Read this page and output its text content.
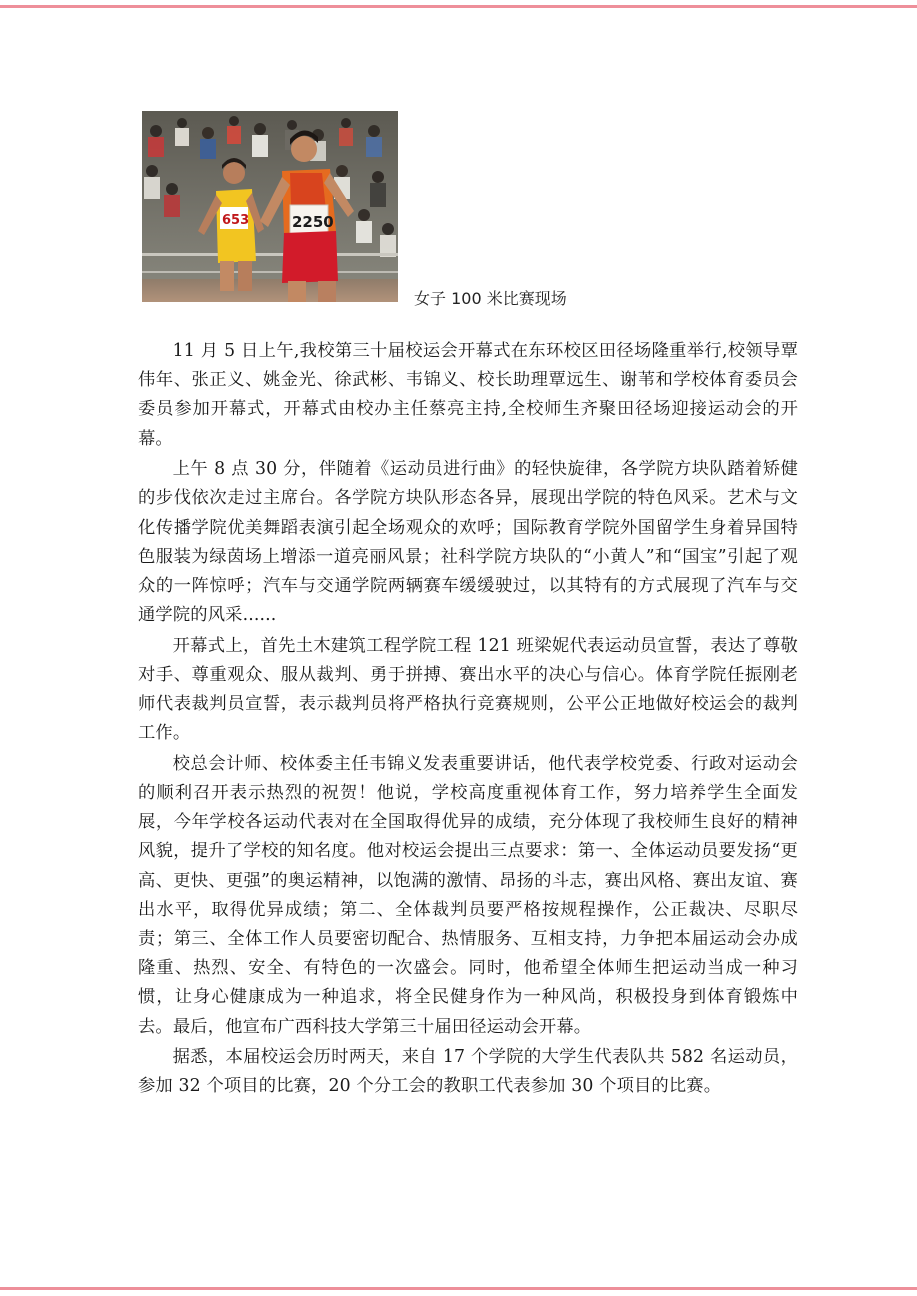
653	2250
女子 100 米比赛现场

11 月 5 日上午,我校第三十届校运会开幕式在东环校区田径场隆重举行,校领导覃伟年、张正义、姚金光、徐武彬、韦锦义、校长助理覃远生、谢苇和学校体育委员会委员参加开幕式，开幕式由校办主任蔡亮主持,全校师生齐聚田径场迎接运动会的开幕。

上午 8 点 30 分，伴随着《运动员进行曲》的轻快旋律，各学院方块队踏着矫健的步伐依次走过主席台。各学院方块队形态各异，展现出学院的特色风采。艺术与文化传播学院优美舞蹈表演引起全场观众的欢呼；国际教育学院外国留学生身着异国特色服装为绿茵场上增添一道亮丽风景；社科学院方块队的“小黄人”和“国宝”引起了观众的一阵惊呼；汽车与交通学院两辆赛车缓缓驶过，以其特有的方式展现了汽车与交通学院的风采......

开幕式上，首先土木建筑工程学院工程 121 班梁妮代表运动员宣誓，表达了尊敬对手、尊重观众、服从裁判、勇于拼搏、赛出水平的决心与信心。体育学院任振刚老师代表裁判员宣誓，表示裁判员将严格执行竞赛规则，公平公正地做好校运会的裁判工作。

校总会计师、校体委主任韦锦义发表重要讲话，他代表学校党委、行政对运动会的顺利召开表示热烈的祝贺！他说，学校高度重视体育工作，努力培养学生全面发展，今年学校各运动代表对在全国取得优异的成绩，充分体现了我校师生良好的精神风貌，提升了学校的知名度。他对校运会提出三点要求：第一、全体运动员要发扬“更高、更快、更强”的奥运精神，以饱满的激情、昂扬的斗志，赛出风格、赛出友谊、赛出水平，取得优异成绩；第二、全体裁判员要严格按规程操作，公正裁决、尽职尽责；第三、全体工作人员要密切配合、热情服务、互相支持，力争把本届运动会办成隆重、热烈、安全、有特色的一次盛会。同时，他希望全体师生把运动当成一种习惯，让身心健康成为一种追求，将全民健身作为一种风尚，积极投身到体育锻炼中去。最后，他宣布广西科技大学第三十届田径运动会开幕。

据悉，本届校运会历时两天，来自 17 个学院的大学生代表队共 582 名运动员，参加 32 个项目的比赛，20 个分工会的教职工代表参加 30 个项目的比赛。
